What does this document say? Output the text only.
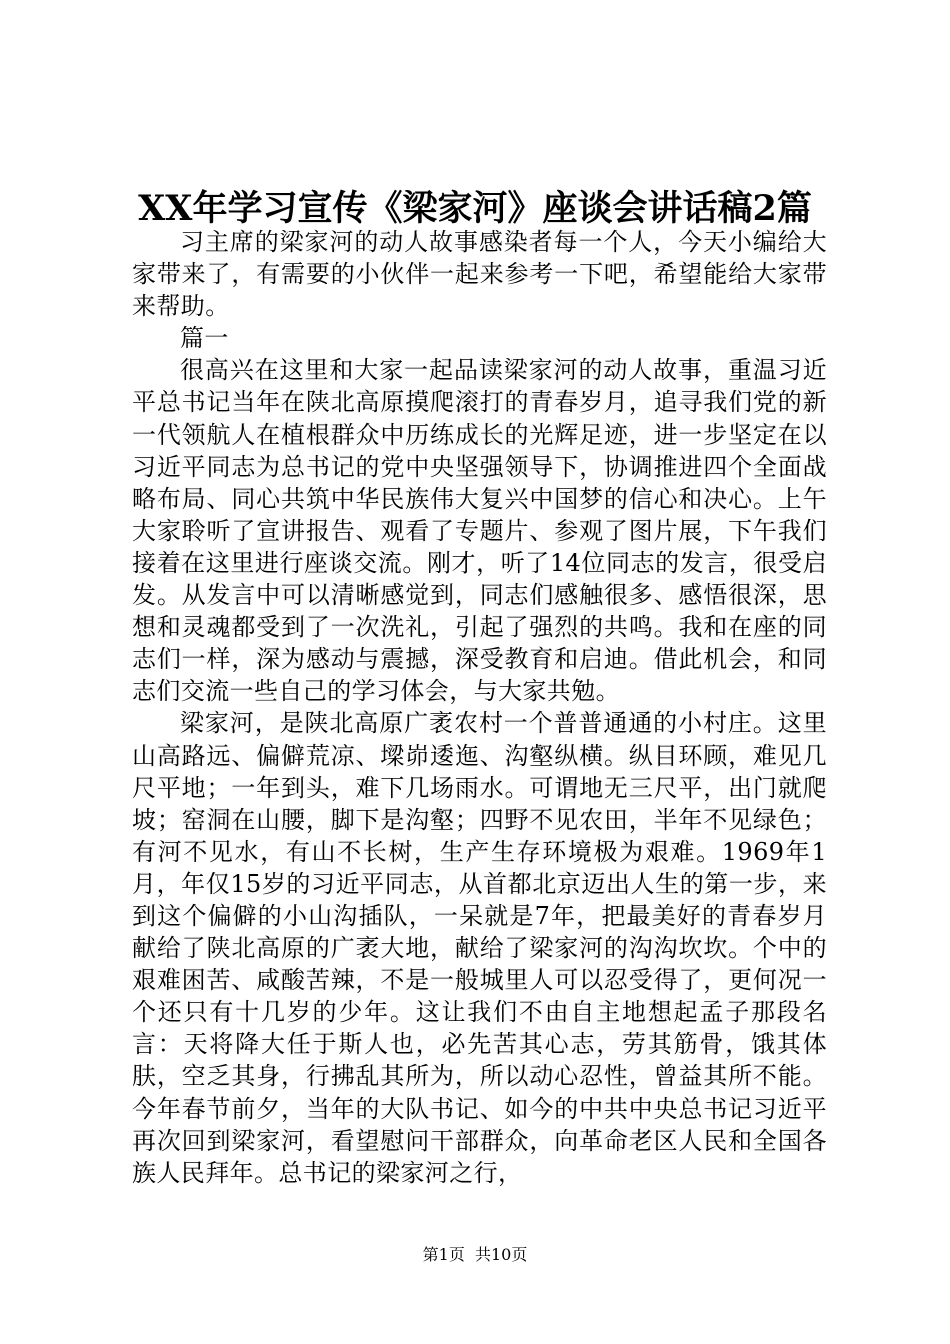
XX年学习宣传《梁家河》座谈会讲话稿2篇

习主席的梁家河的动人故事感染者每一个人，今天小编给大家带来了，有需要的小伙伴一起来参考一下吧，希望能给大家带来帮助。

篇一

很高兴在这里和大家一起品读梁家河的动人故事，重温习近平总书记当年在陕北高原摸爬滚打的青春岁月，追寻我们党的新一代领航人在植根群众中历练成长的光辉足迹，进一步坚定在以习近平同志为总书记的党中央坚强领导下，协调推进四个全面战略布局、同心共筑中华民族伟大复兴中国梦的信心和决心。上午大家聆听了宣讲报告、观看了专题片、参观了图片展，下午我们接着在这里进行座谈交流。刚才，听了14位同志的发言，很受启发。从发言中可以清晰感觉到，同志们感触很多、感悟很深，思想和灵魂都受到了一次洗礼，引起了强烈的共鸣。我和在座的同志们一样，深为感动与震撼，深受教育和启迪。借此机会，和同志们交流一些自己的学习体会，与大家共勉。

梁家河，是陕北高原广袤农村一个普普通通的小村庄。这里山高路远、偏僻荒凉、墚峁逶迤、沟壑纵横。纵目环顾，难见几尺平地；一年到头，难下几场雨水。可谓地无三尺平，出门就爬坡；窑洞在山腰，脚下是沟壑；四野不见农田，半年不见绿色；有河不见水，有山不长树，生产生存环境极为艰难。1969年1月，年仅15岁的习近平同志，从首都北京迈出人生的第一步，来到这个偏僻的小山沟插队，一呆就是7年，把最美好的青春岁月献给了陕北高原的广袤大地，献给了梁家河的沟沟坎坎。个中的艰难困苦、咸酸苦辣，不是一般城里人可以忍受得了，更何况一个还只有十几岁的少年。这让我们不由自主地想起孟子那段名言：天将降大任于斯人也，必先苦其心志，劳其筋骨，饿其体肤，空乏其身，行拂乱其所为，所以动心忍性，曾益其所不能。今年春节前夕，当年的大队书记、如今的中共中央总书记习近平再次回到梁家河，看望慰问干部群众，向革命老区人民和全国各族人民拜年。总书记的梁家河之行，

第1页  共10页
